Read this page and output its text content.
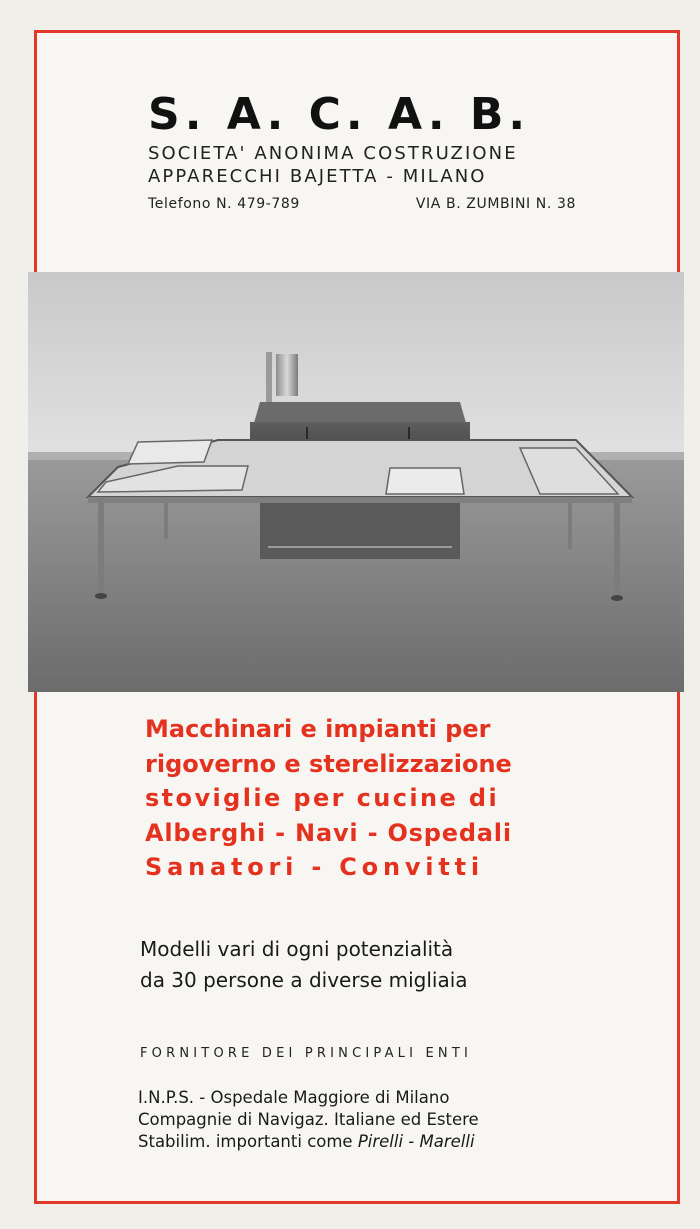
S. A. C. A. B.
SOCIETA' ANONIMA COSTRUZIONE
APPARECCHI BAJETTA - MILANO
Telefono N. 479-789	VIA B. ZUMBINI N. 38
Macchinari e impianti per
rigoverno e sterelizzazione
stoviglie per cucine di
Alberghi - Navi - Ospedali
Sanatori - Convitti
Modelli vari di ogni potenzialità
da 30 persone a diverse migliaia
FORNITORE DEI PRINCIPALI ENTI
I.N.P.S. - Ospedale Maggiore di Milano
Compagnie di Navigaz. Italiane ed Estere
Stabilim. importanti come Pirelli - Marelli
